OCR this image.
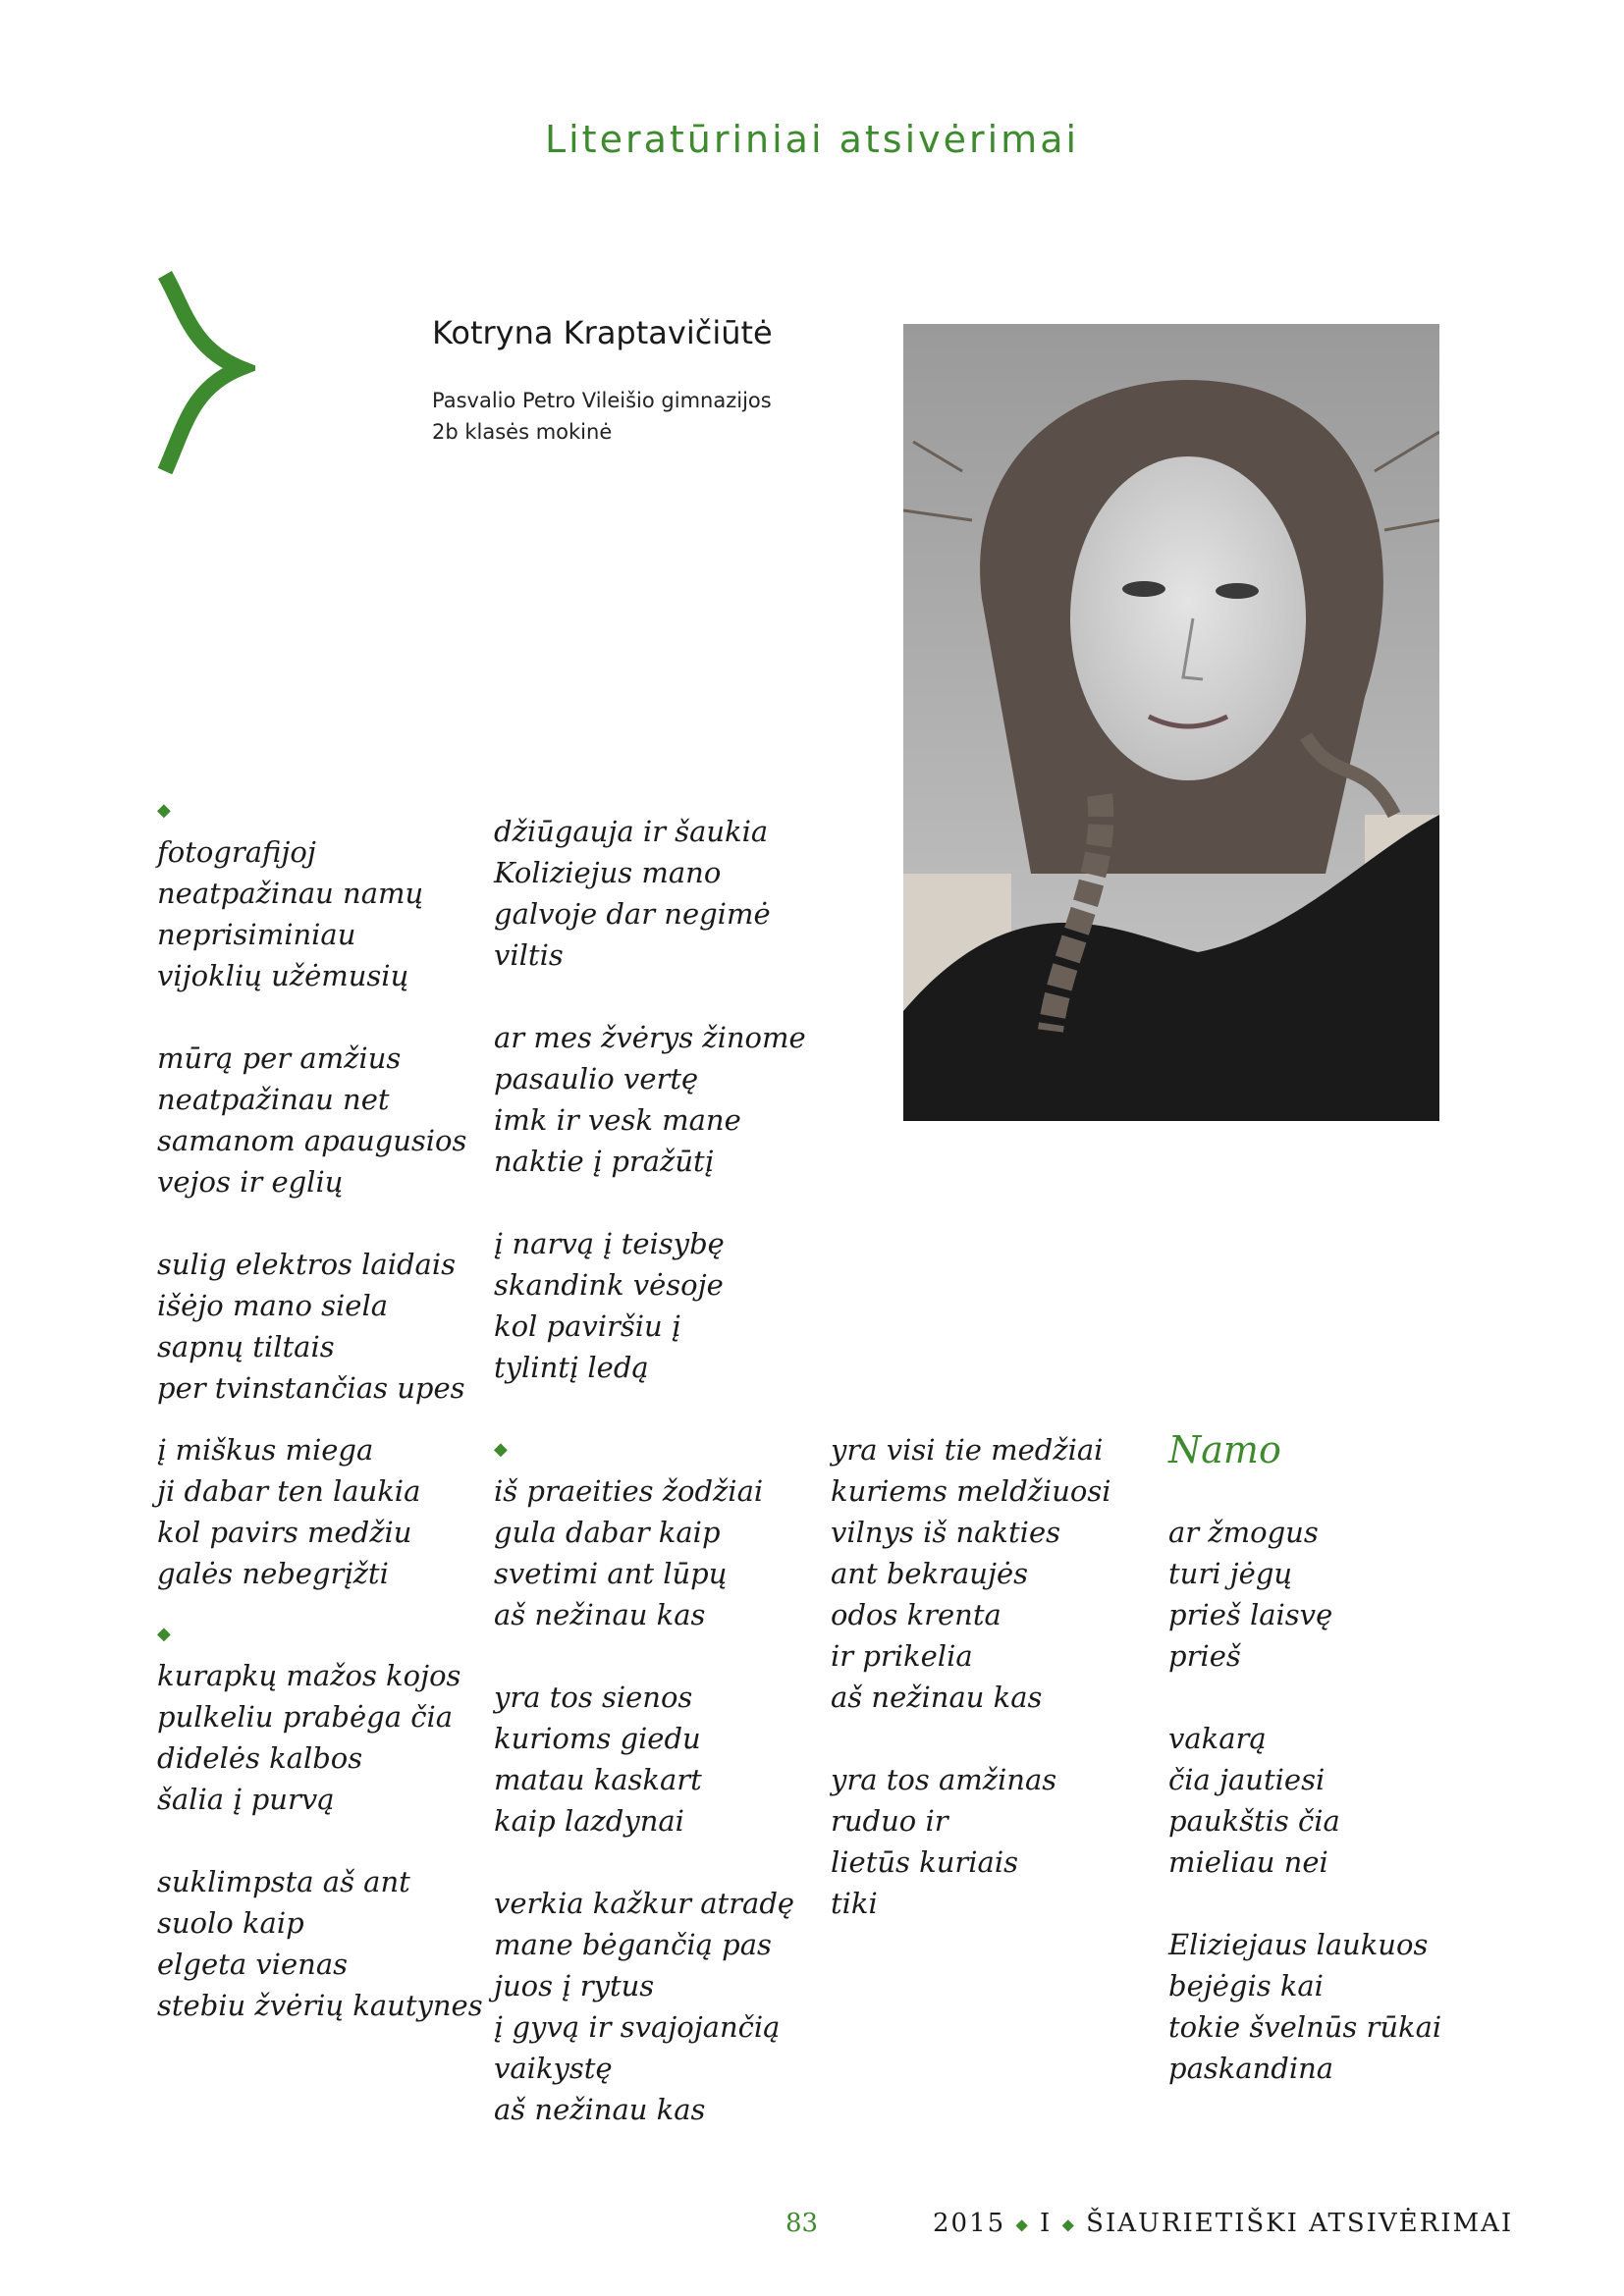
Literatūriniai atsivėrimai
Kotryna Kraptavičiūtė
Pasvalio Petro Vileišio gimnazijos
2b klasės mokinė
◆
fotografijoj
neatpažinau namų
neprisiminiau
vijoklių užėmusių
mūrą per amžius
neatpažinau net
samanom apaugusios
vejos ir eglių
sulig elektros laidais
išėjo mano siela
sapnų tiltais
per tvinstančias upes
džiūgauja ir šaukia
Koliziejus mano
galvoje dar negimė
viltis
ar mes žvėrys žinome
pasaulio vertę
imk ir vesk mane
naktie į pražūtį
į narvą į teisybę
skandink vėsoje
kol paviršiu į
tylintį ledą
į miškus miega
ji dabar ten laukia
kol pavirs medžiu
galės nebegrįžti
◆
kurapkų mažos kojos
pulkeliu prabėga čia
didelės kalbos
šalia į purvą
suklimpsta aš ant
suolo kaip
elgeta vienas
stebiu žvėrių kautynes
◆
iš praeities žodžiai
gula dabar kaip
svetimi ant lūpų
aš nežinau kas
yra tos sienos
kurioms giedu
matau kaskart
kaip lazdynai
verkia kažkur atradę
mane bėgančią pas
juos į rytus
į gyvą ir svajojančią
vaikystę
aš nežinau kas
yra visi tie medžiai
kuriems meldžiuosi
vilnys iš nakties
ant bekraujės
odos krenta
ir prikelia
aš nežinau kas
yra tos amžinas
ruduo ir
lietūs kuriais
tiki
Namo
ar žmogus
turi jėgų
prieš laisvę
prieš
vakarą
čia jautiesi
paukštis čia
mieliau nei
Eliziejaus laukuos
bejėgis kai
tokie švelnūs rūkai
paskandina
83	2015 ◆ I ◆ ŠIAURIETIŠKI ATSIVĖRIMAI
